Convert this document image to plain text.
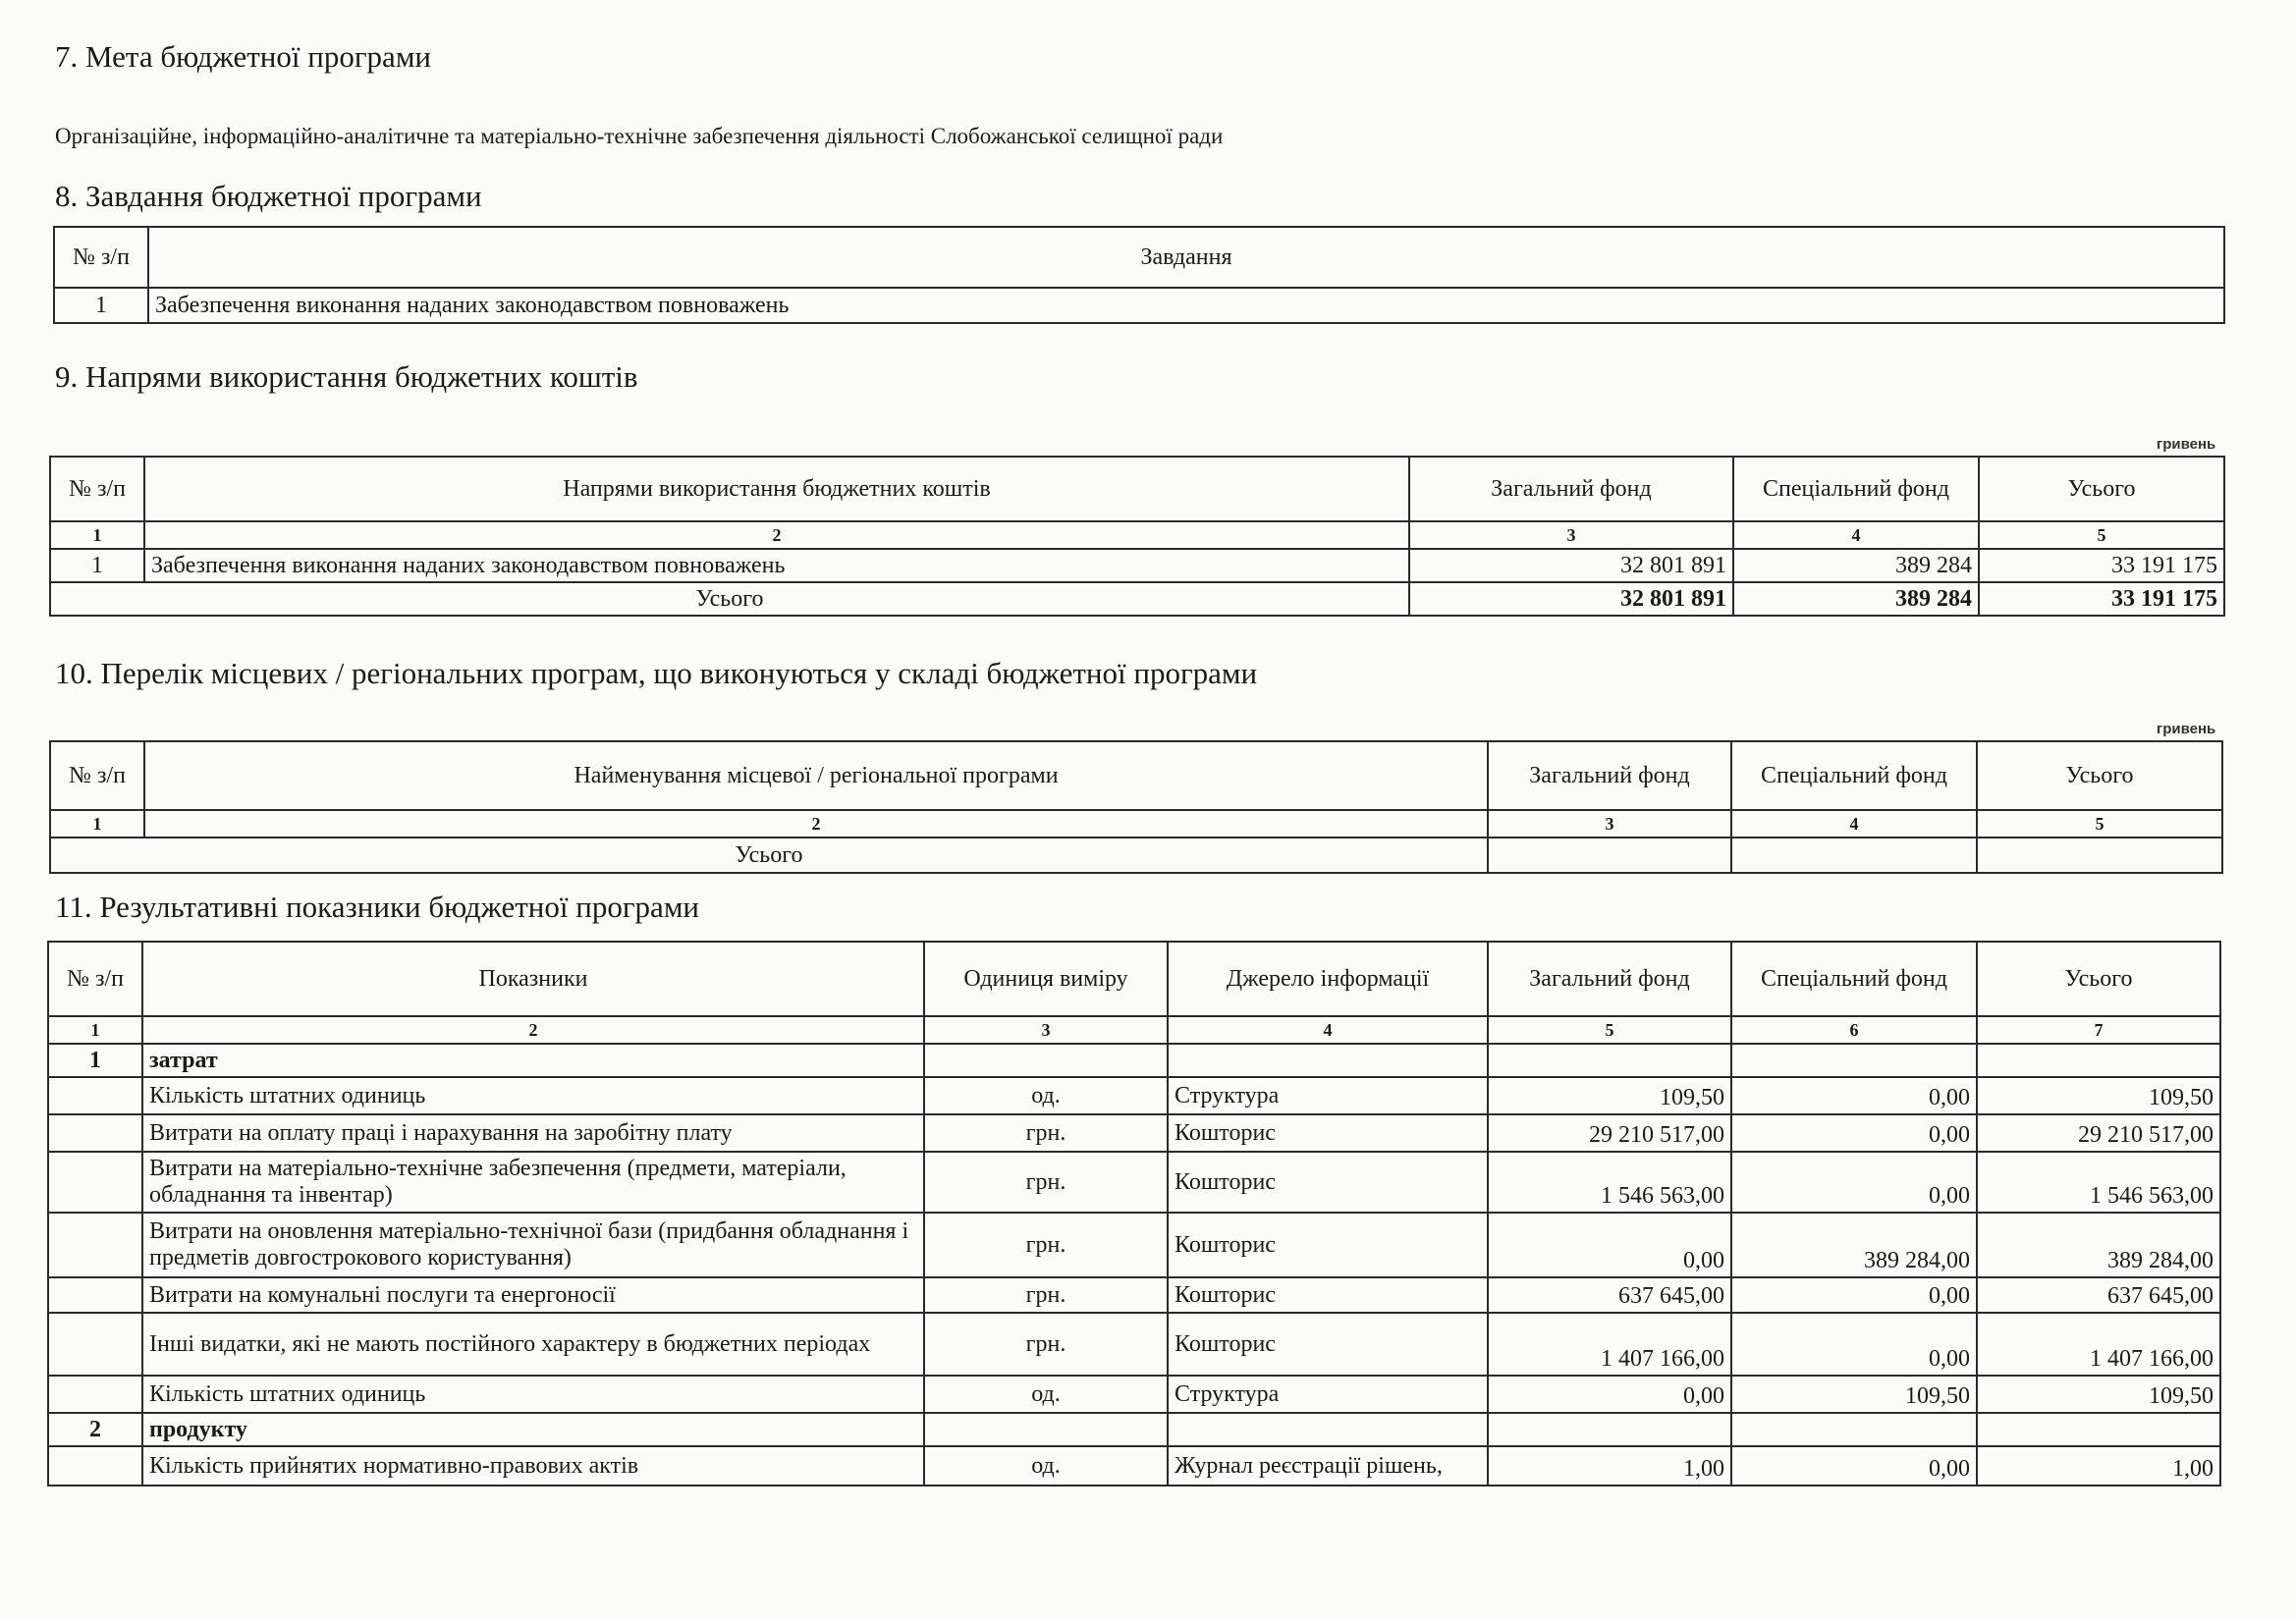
7. Мета бюджетної програми
Організаційне, інформаційно-аналітичне та матеріально-технічне забезпечення діяльності Слобожанської селищної ради
8. Завдання бюджетної програми
№ з/п	Завдання
1	Забезпечення виконання наданих законодавством повноважень
9. Напрями використання бюджетних коштів
гривень
№ з/п	Напрями використання бюджетних коштів	Загальний фонд	Спеціальний фонд	Усього
1	2	3	4	5
1	Забезпечення виконання наданих законодавством повноважень	32 801 891	389 284	33 191 175
Усього		32 801 891	389 284	33 191 175
10. Перелік місцевих / регіональних програм, що виконуються у складі бюджетної програми
гривень
№ з/п	Найменування місцевої / регіональної програми	Загальний фонд	Спеціальний фонд	Усього
1	2	3	4	5
Усього				
11. Результативні показники бюджетної програми
№ з/п	Показники	Одиниця виміру	Джерело інформації	Загальний фонд	Спеціальний фонд	Усього
1	2	3	4	5	6	7
1	затрат					
	Кількість штатних одиниць	од.	Структура	109,50	0,00	109,50
	Витрати на оплату праці і нарахування на заробітну плату	грн.	Кошторис	29 210 517,00	0,00	29 210 517,00
	Витрати на матеріально-технічне забезпечення (предмети, матеріали, обладнання та інвентар)	грн.	Кошторис	1 546 563,00	0,00	1 546 563,00
	Витрати на оновлення матеріально-технічної бази (придбання обладнання і предметів довгострокового користування)	грн.	Кошторис	0,00	389 284,00	389 284,00
	Витрати на комунальні послуги та енергоносії	грн.	Кошторис	637 645,00	0,00	637 645,00
	Інші видатки, які не мають постійного характеру в бюджетних періодах	грн.	Кошторис	1 407 166,00	0,00	1 407 166,00
	Кількість штатних одиниць	од.	Структура	0,00	109,50	109,50
2	продукту					
	Кількість прийнятих нормативно-правових актів	од.	Журнал реєстрації рішень,	1,00	0,00	1,00
